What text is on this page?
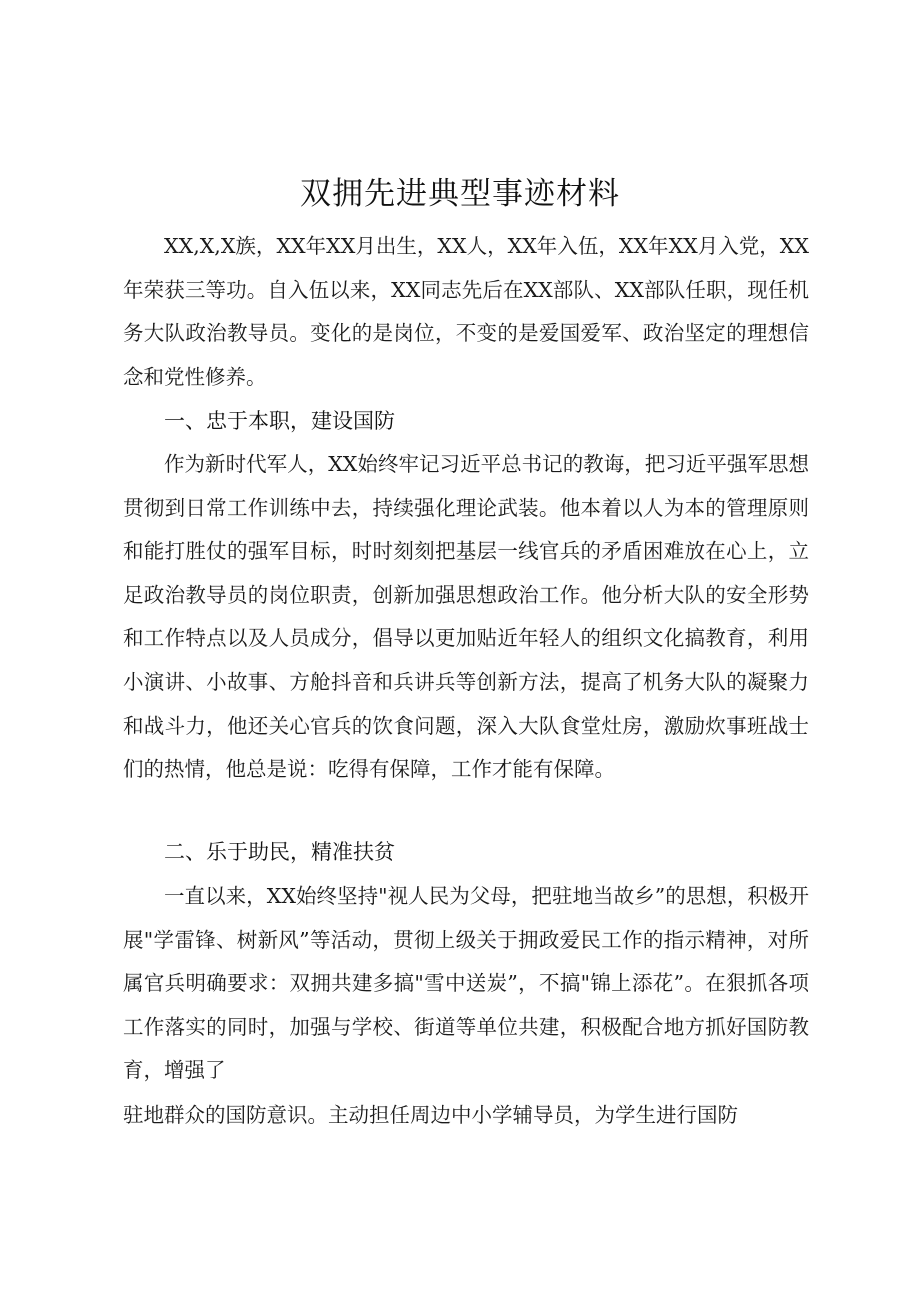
双拥先进典型事迹材料

XX,X,X族，XX年XX月出生，XX人，XX年入伍，XX年XX月入党，XX年荣获三等功。自入伍以来，XX同志先后在XX部队、XX部队任职，现任机务大队政治教导员。变化的是岗位，不变的是爱国爱军、政治坚定的理想信念和党性修养。

一、忠于本职，建设国防

作为新时代军人，XX始终牢记习近平总书记的教诲，把习近平强军思想贯彻到日常工作训练中去，持续强化理论武装。他本着以人为本的管理原则和能打胜仗的强军目标，时时刻刻把基层一线官兵的矛盾困难放在心上，立足政治教导员的岗位职责，创新加强思想政治工作。他分析大队的安全形势和工作特点以及人员成分，倡导以更加贴近年轻人的组织文化搞教育，利用小演讲、小故事、方舱抖音和兵讲兵等创新方法，提高了机务大队的凝聚力和战斗力，他还关心官兵的饮食问题，深入大队食堂灶房，激励炊事班战士们的热情，他总是说：吃得有保障，工作才能有保障。

二、乐于助民，精准扶贫

一直以来，XX始终坚持"视人民为父母，把驻地当故乡”的思想，积极开展"学雷锋、树新风”等活动，贯彻上级关于拥政爱民工作的指示精神，对所属官兵明确要求：双拥共建多搞"雪中送炭”，不搞"锦上添花”。在狠抓各项工作落实的同时，加强与学校、街道等单位共建，积极配合地方抓好国防教育，增强了

驻地群众的国防意识。主动担任周边中小学辅导员，为学生进行国防
